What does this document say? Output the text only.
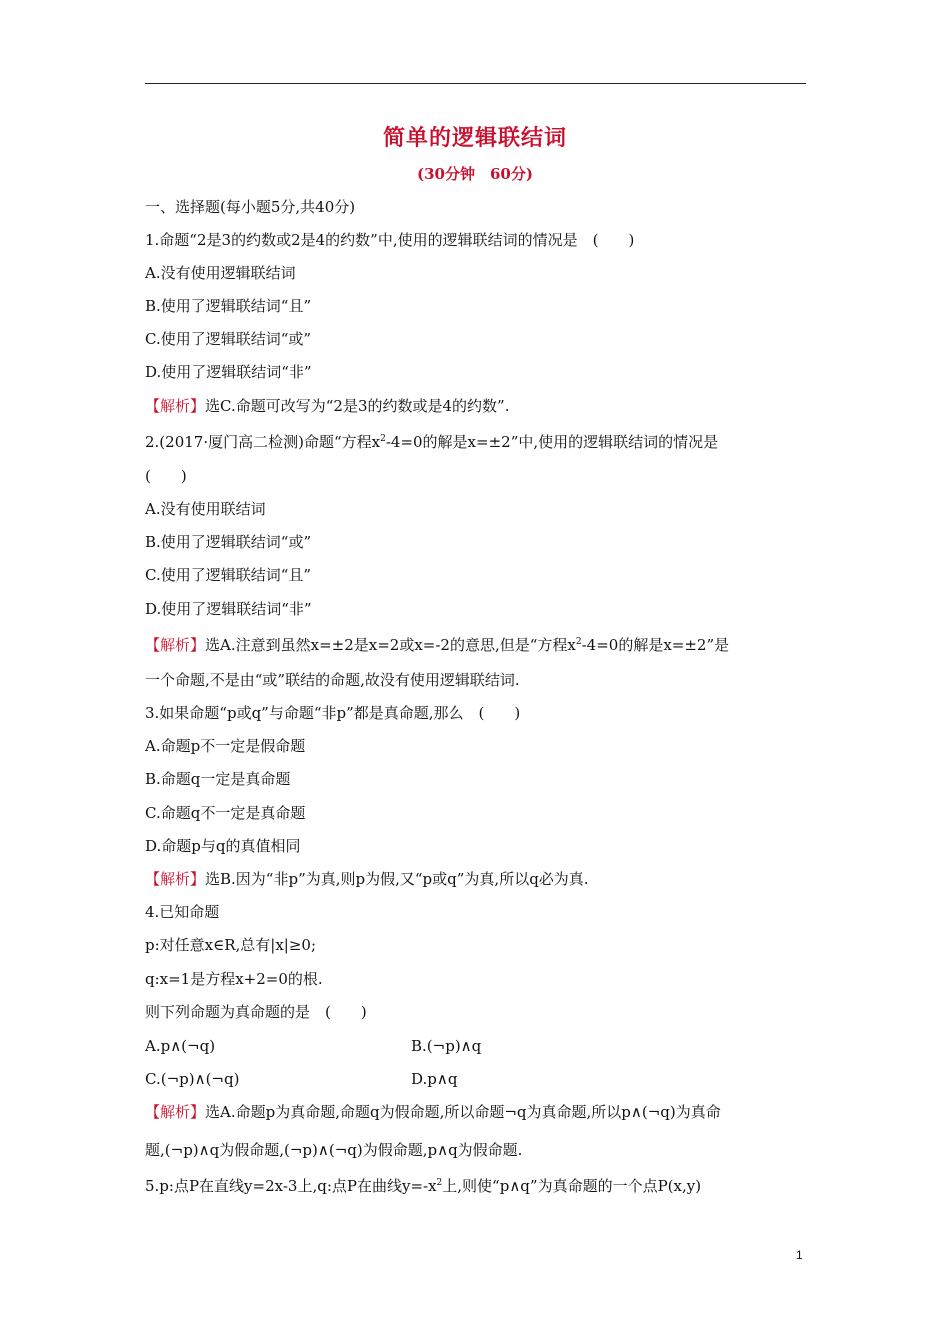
简单的逻辑联结词
(30分钟　60分)
一、选择题(每小题5分,共40分)
1.命题“2是3的约数或2是4的约数”中,使用的逻辑联结词的情况是　(　　)
A.没有使用逻辑联结词
B.使用了逻辑联结词“且”
C.使用了逻辑联结词“或”
D.使用了逻辑联结词“非”
【解析】选C.命题可改写为“2是3的约数或是4的约数”.
2.(2017·厦门高二检测)命题“方程$x^2-4=0$的解是x=±2”中,使用的逻辑联结词的情况是
(　　)
A.没有使用联结词
B.使用了逻辑联结词“或”
C.使用了逻辑联结词“且”
D.使用了逻辑联结词“非”
【解析】选A.注意到虽然x=±2是x=2或x=-2的意思,但是“方程$x^2-4=0$的解是x=±2”是
一个命题,不是由“或”联结的命题,故没有使用逻辑联结词.
3.如果命题“p或q”与命题“非p”都是真命题,那么　(　　)
A.命题p不一定是假命题
B.命题q一定是真命题
C.命题q不一定是真命题
D.命题p与q的真值相同
【解析】选B.因为“非p”为真,则p为假,又“p或q”为真,所以q必为真.
4.已知命题
p:对任意x∈R,总有|x|≥0;
q:x=1是方程x+2=0的根.
则下列命题为真命题的是　(　　)
A.p∧(¬q)	B.(¬p)∧q
C.(¬p)∧(¬q)	D.p∧q
【解析】选A.命题p为真命题,命题q为假命题,所以命题¬q为真命题,所以p∧(¬q)为真命
题,(¬p)∧q为假命题,(¬p)∧(¬q)为假命题,p∧q为假命题.
5.p:点P在直线y=2x-3上,q:点P在曲线$y=-x^2$上,则使“p∧q”为真命题的一个点P(x,y)
1
